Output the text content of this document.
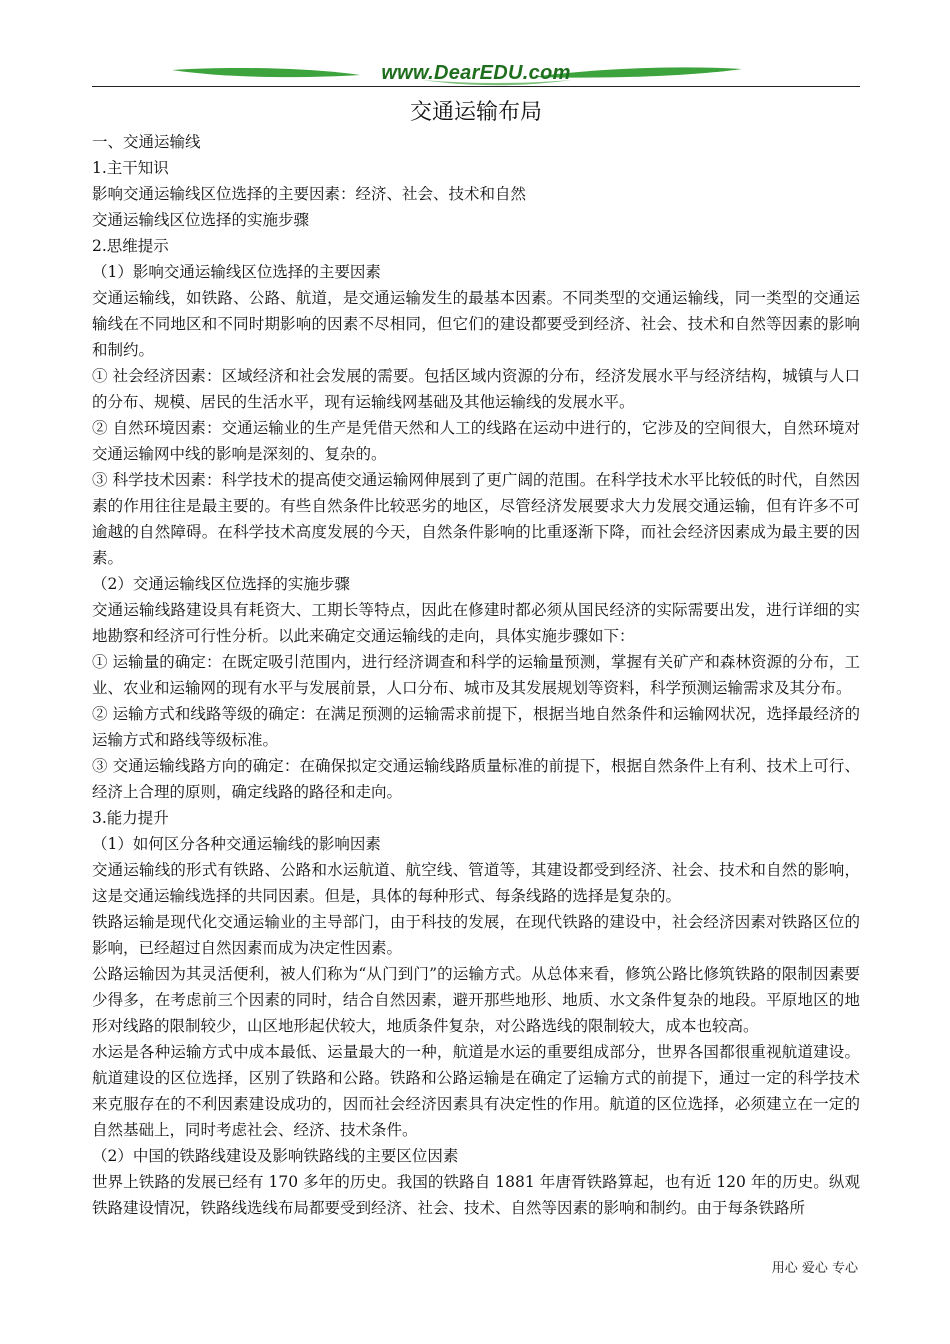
www.DearEDU.com
交通运输布局

一、交通运输线

1.主干知识

影响交通运输线区位选择的主要因素：经济、社会、技术和自然

交通运输线区位选择的实施步骤

2.思维提示

（1）影响交通运输线区位选择的主要因素

交通运输线，如铁路、公路、航道，是交通运输发生的最基本因素。不同类型的交通运输线，同一类型的交通运输线在不同地区和不同时期影响的因素不尽相同，但它们的建设都要受到经济、社会、技术和自然等因素的影响和制约。

① 社会经济因素：区域经济和社会发展的需要。包括区域内资源的分布，经济发展水平与经济结构，城镇与人口的分布、规模、居民的生活水平，现有运输线网基础及其他运输线的发展水平。

② 自然环境因素：交通运输业的生产是凭借天然和人工的线路在运动中进行的，它涉及的空间很大，自然环境对交通运输网中线的影响是深刻的、复杂的。

③ 科学技术因素：科学技术的提高使交通运输网伸展到了更广阔的范围。在科学技术水平比较低的时代，自然因素的作用往往是最主要的。有些自然条件比较恶劣的地区，尽管经济发展要求大力发展交通运输，但有许多不可逾越的自然障碍。在科学技术高度发展的今天，自然条件影响的比重逐渐下降，而社会经济因素成为最主要的因素。

（2）交通运输线区位选择的实施步骤

交通运输线路建设具有耗资大、工期长等特点，因此在修建时都必须从国民经济的实际需要出发，进行详细的实地勘察和经济可行性分析。以此来确定交通运输线的走向，具体实施步骤如下：

① 运输量的确定：在既定吸引范围内，进行经济调查和科学的运输量预测，掌握有关矿产和森林资源的分布，工业、农业和运输网的现有水平与发展前景，人口分布、城市及其发展规划等资料，科学预测运输需求及其分布。

② 运输方式和线路等级的确定：在满足预测的运输需求前提下，根据当地自然条件和运输网状况，选择最经济的运输方式和路线等级标准。

③ 交通运输线路方向的确定：在确保拟定交通运输线路质量标准的前提下，根据自然条件上有利、技术上可行、经济上合理的原则，确定线路的路径和走向。

3.能力提升

（1）如何区分各种交通运输线的影响因素

交通运输线的形式有铁路、公路和水运航道、航空线、管道等，其建设都受到经济、社会、技术和自然的影响，这是交通运输线选择的共同因素。但是，具体的每种形式、每条线路的选择是复杂的。

铁路运输是现代化交通运输业的主导部门，由于科技的发展，在现代铁路的建设中，社会经济因素对铁路区位的影响，已经超过自然因素而成为决定性因素。

公路运输因为其灵活便利，被人们称为“从门到门”的运输方式。从总体来看，修筑公路比修筑铁路的限制因素要少得多，在考虑前三个因素的同时，结合自然因素，避开那些地形、地质、水文条件复杂的地段。平原地区的地形对线路的限制较少，山区地形起伏较大，地质条件复杂，对公路选线的限制较大，成本也较高。

水运是各种运输方式中成本最低、运量最大的一种，航道是水运的重要组成部分，世界各国都很重视航道建设。航道建设的区位选择，区别了铁路和公路。铁路和公路运输是在确定了运输方式的前提下，通过一定的科学技术来克服存在的不利因素建设成功的，因而社会经济因素具有决定性的作用。航道的区位选择，必须建立在一定的自然基础上，同时考虑社会、经济、技术条件。

（2）中国的铁路线建设及影响铁路线的主要区位因素

世界上铁路的发展已经有 170 多年的历史。我国的铁路自 1881 年唐胥铁路算起，也有近 120 年的历史。纵观铁路建设情况，铁路线选线布局都要受到经济、社会、技术、自然等因素的影响和制约。由于每条铁路所

用心 爱心 专心
